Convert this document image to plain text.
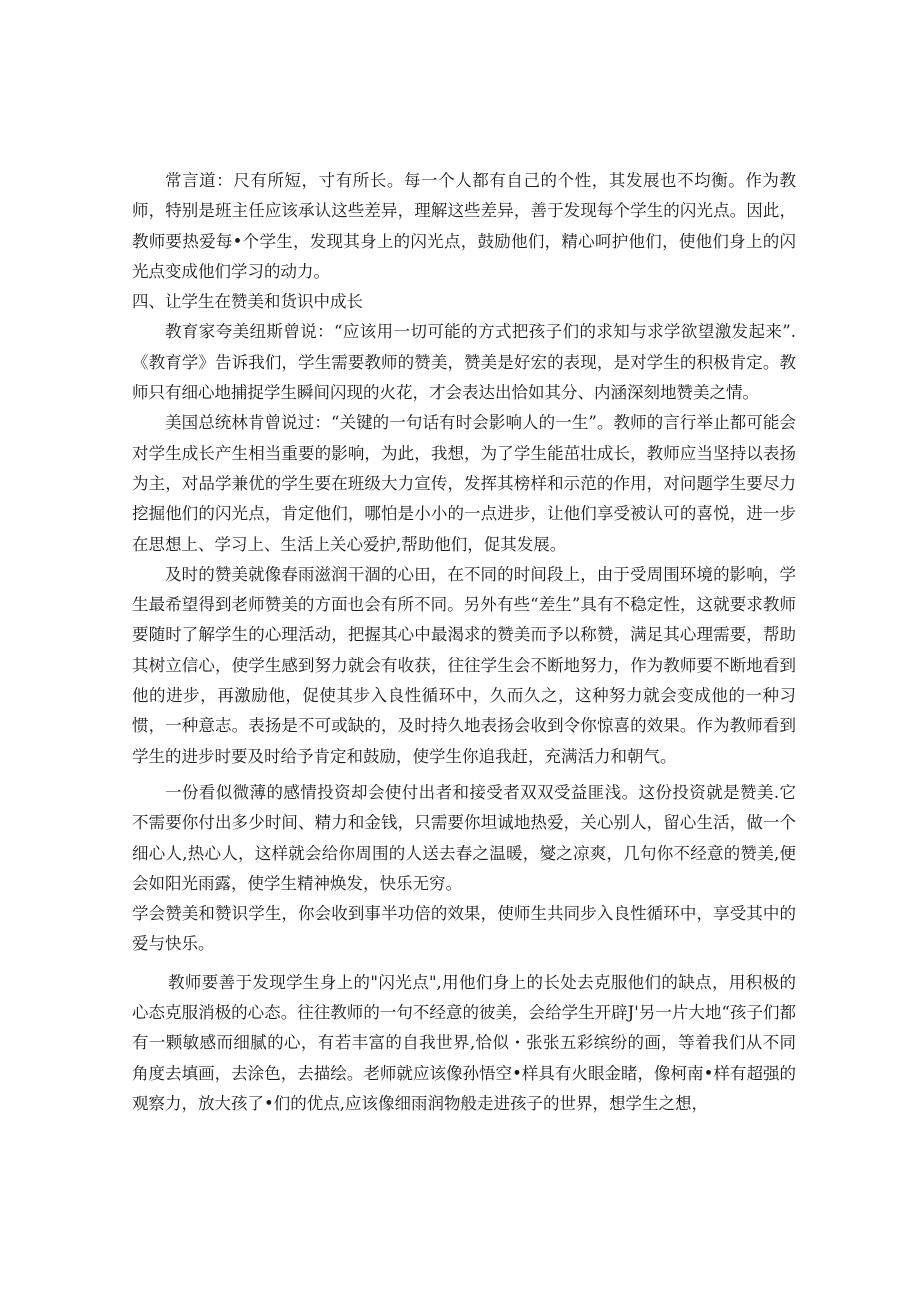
常言道：尺有所短，寸有所长。每一个人都有自己的个性，其发展也不均衡。作为教师，特别是班主任应该承认这些差异，理解这些差异，善于发现每个学生的闪光点。因此，教师要热爱每•个学生，发现其身上的闪光点，鼓励他们，精心呵护他们，使他们身上的闪光点变成他们学习的动力。

四、让学生在赞美和货识中成长

教育家夸美纽斯曾说：“应该用一切可能的方式把孩子们的求知与求学欲望激发起来”.《教育学》告诉我们，学生需要教师的赞美，赞美是好宏的表现，是对学生的积极肯定。教师只有细心地捕捉学生瞬间闪现的火花，才会表达出恰如其分、内涵深刻地赞美之情。

美国总统林肯曾说过：“关键的一句话有时会影响人的一生”。教师的言行举止都可能会对学生成长产生相当重要的影响，为此，我想，为了学生能茁壮成长，教师应当坚持以表扬为主，对品学兼优的学生要在班级大力宣传，发挥其榜样和示范的作用，对问题学生要尽力挖掘他们的闪光点，肯定他们，哪怕是小小的一点进步，让他们享受被认可的喜悦，进一步在思想上、学习上、生活上关心爱护,帮助他们，促其发展。

及时的赞美就像春雨滋润干涸的心田，在不同的时间段上，由于受周围环境的影响，学生最希望得到老师赞美的方面也会有所不同。另外有些“差生”具有不稳定性，这就要求教师要随时了解学生的心理活动，把握其心中最渴求的赞美而予以称赞，满足其心理需要，帮助其树立信心，使学生感到努力就会有收获，往往学生会不断地努力，作为教师要不断地看到他的进步，再激励他，促使其步入良性循环中，久而久之，这种努力就会变成他的一种习惯，一种意志。表扬是不可或缺的，及时持久地表扬会收到令你惊喜的效果。作为教师看到学生的进步时要及时给予肯定和鼓励，使学生你追我赶，充满活力和朝气。

一份看似微薄的感情投资却会使付出者和接受者双双受益匪浅。这份投资就是赞美.它不需要你付出多少时间、精力和金钱，只需要你坦诚地热爱，关心别人，留心生活，做一个细心人,热心人，这样就会给你周围的人送去春之温暖，夑之凉爽，几句你不经意的赞美,便会如阳光雨露，使学生精神焕发，快乐无穷。

学会赞美和赞识学生，你会收到事半功倍的效果，使师生共同步入良性循环中，享受其中的爱与快乐。

教师要善于发现学生身上的"闪光点",用他们身上的长处去克服他们的缺点，用积极的心态克服消极的心态。往往教师的一句不经意的彼美，会给学生开辟J'另一片大地“孩子们都有一颗敏感而细腻的心，有若丰富的自我世界,恰似・张张五彩缤纷的画，等着我们从不同角度去填画，去涂色，去描绘。老师就应该像孙悟空•样具有火眼金睹，像柯南•样有超强的观察力，放大孩了•们的优点,应该像细雨润物般走进孩子的世界，想学生之想，
